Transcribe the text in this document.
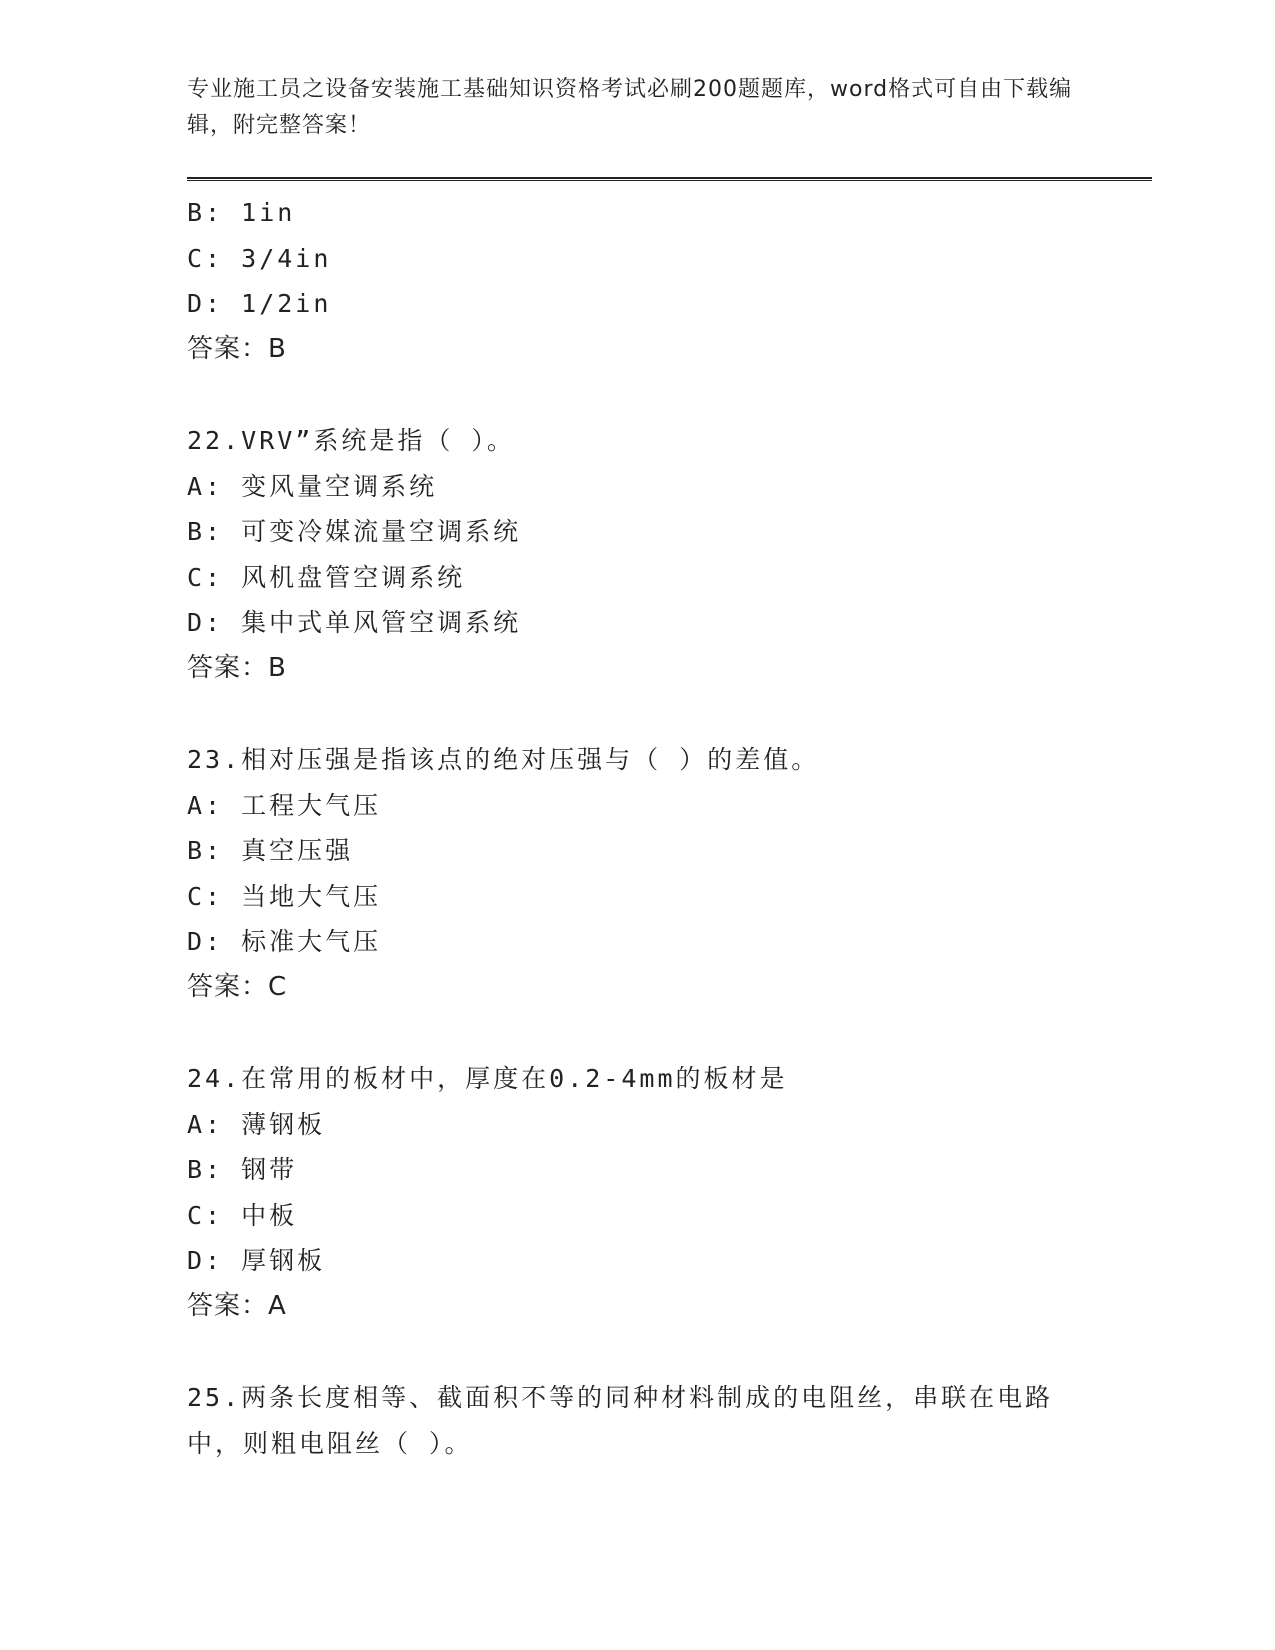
专业施工员之设备安装施工基础知识资格考试必刷200题题库，word格式可自由下载编辑，附完整答案！
B: 1in
C: 3/4in
D: 1/2in
答案：B
22.VRV”系统是指（ ）。
A: 变风量空调系统
B: 可变冷媒流量空调系统
C: 风机盘管空调系统
D: 集中式单风管空调系统
答案：B
23.相对压强是指该点的绝对压强与（ ）的差值。
A: 工程大气压
B: 真空压强
C: 当地大气压
D: 标准大气压
答案：C
24.在常用的板材中，厚度在0.2-4mm的板材是
A: 薄钢板
B: 钢带
C: 中板
D: 厚钢板
答案：A
25.两条长度相等、截面积不等的同种材料制成的电阻丝，串联在电路中，则粗电阻丝（ ）。
